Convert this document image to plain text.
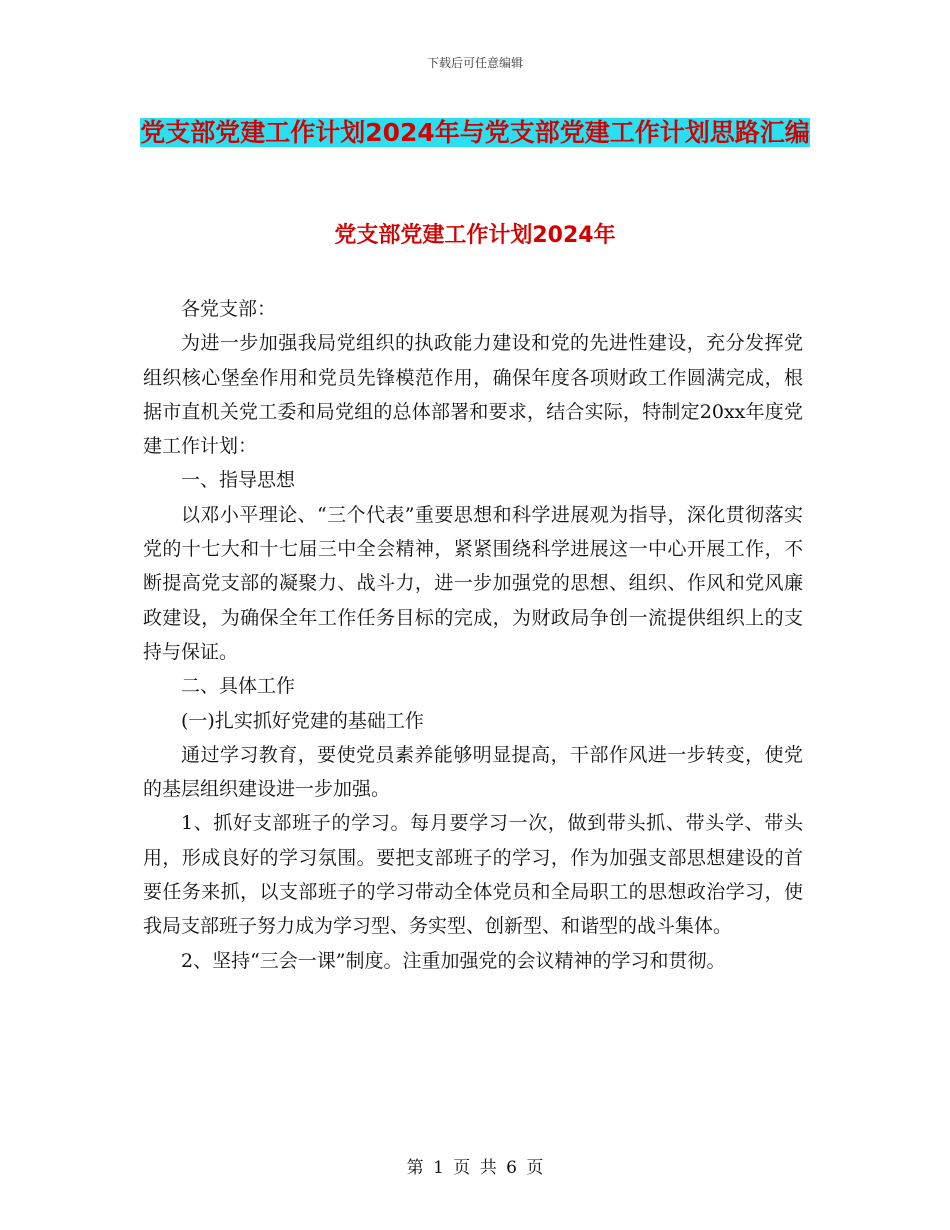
下载后可任意编辑
党支部党建工作计划2024年与党支部党建工作计划思路汇编
党支部党建工作计划2024年

各党支部：

为进一步加强我局党组织的执政能力建设和党的先进性建设，充分发挥党组织核心堡垒作用和党员先锋模范作用，确保年度各项财政工作圆满完成，根据市直机关党工委和局党组的总体部署和要求，结合实际，特制定20xx年度党建工作计划：

一、指导思想

以邓小平理论、“三个代表”重要思想和科学进展观为指导，深化贯彻落实党的十七大和十七届三中全会精神，紧紧围绕科学进展这一中心开展工作，不断提高党支部的凝聚力、战斗力，进一步加强党的思想、组织、作风和党风廉政建设，为确保全年工作任务目标的完成，为财政局争创一流提供组织上的支持与保证。

二、具体工作

(一)扎实抓好党建的基础工作

通过学习教育，要使党员素养能够明显提高，干部作风进一步转变，使党的基层组织建设进一步加强。

1、抓好支部班子的学习。每月要学习一次，做到带头抓、带头学、带头用，形成良好的学习氛围。要把支部班子的学习，作为加强支部思想建设的首要任务来抓，以支部班子的学习带动全体党员和全局职工的思想政治学习，使我局支部班子努力成为学习型、务实型、创新型、和谐型的战斗集体。

2、坚持“三会一课”制度。注重加强党的会议精神的学习和贯彻。

第 1 页 共 6 页
